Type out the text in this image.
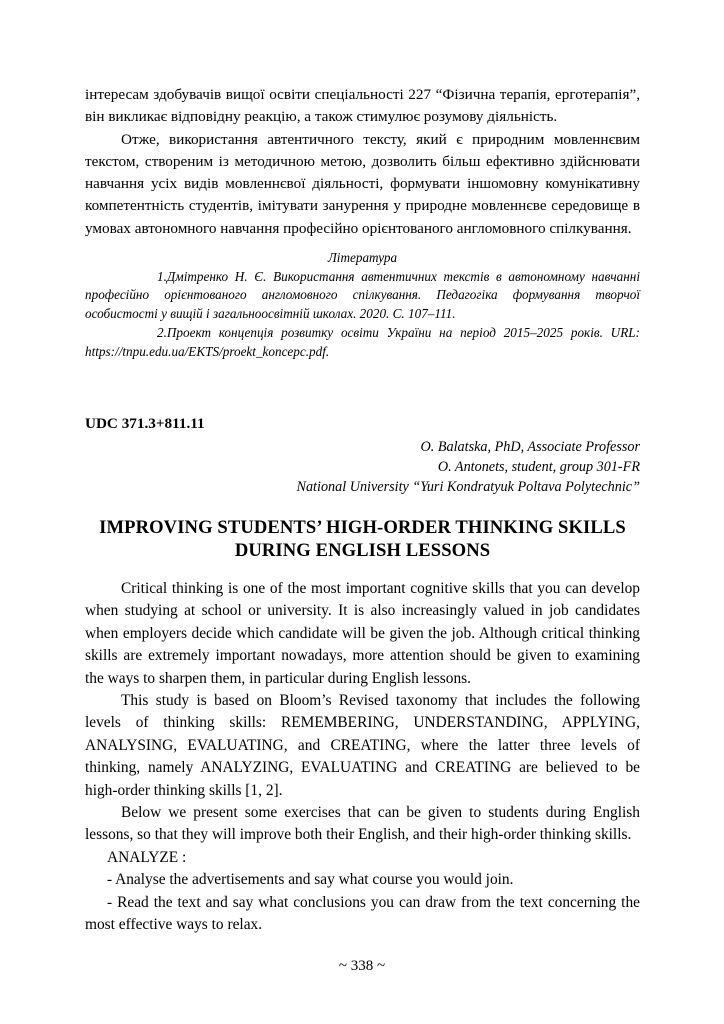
інтересам здобувачів вищої освіти спеціальності 227 “Фізична терапія, ерготерапія”, він викликає відповідну реакцію, а також стимулює розумову діяльність.

Отже, використання автентичного тексту, який є природним мовленнєвим текстом, створеним із методичною метою, дозволить більш ефективно здійснювати навчання усіх видів мовленнєвої діяльності, формувати іншомовну комунікативну компетентність студентів, імітувати занурення у природне мовленнєве середовище в умовах автономного навчання професійно орієнтованого англомовного спілкування.

Література

1.Дмітренко Н. Є. Використання автентичних текстів в автономному навчанні професійно орієнтованого англомовного спілкування. Педагогіка формування творчої особистості у вищій і загальноосвітній школах. 2020. С. 107–111.

2.Проект концепція розвитку освіти України на період 2015–2025 років. URL: https://tnpu.edu.ua/EKTS/proekt_koncepc.pdf.

UDC 371.3+811.11
O. Balatska, PhD, Associate Professor
O. Antonets, student, group 301-FR
National University “Yuri Kondratyuk Poltava Polytechnic”
IMPROVING STUDENTS’ HIGH-ORDER THINKING SKILLS
DURING ENGLISH LESSONS

Critical thinking is one of the most important cognitive skills that you can develop when studying at school or university. It is also increasingly valued in job candidates when employers decide which candidate will be given the job. Although critical thinking skills are extremely important nowadays, more attention should be given to examining the ways to sharpen them, in particular during English lessons.

This study is based on Bloom’s Revised taxonomy that includes the following levels of thinking skills: REMEMBERING, UNDERSTANDING, APPLYING, ANALYSING, EVALUATING, and CREATING, where the latter three levels of thinking, namely ANALYZING, EVALUATING and CREATING are believed to be high-order thinking skills [1, 2].

Below we present some exercises that can be given to students during English lessons, so that they will improve both their English, and their high-order thinking skills.

ANALYZE :

- Analyse the advertisements and say what course you would join.

- Read the text and say what conclusions you can draw from the text concerning the most effective ways to relax.

~ 338 ~
